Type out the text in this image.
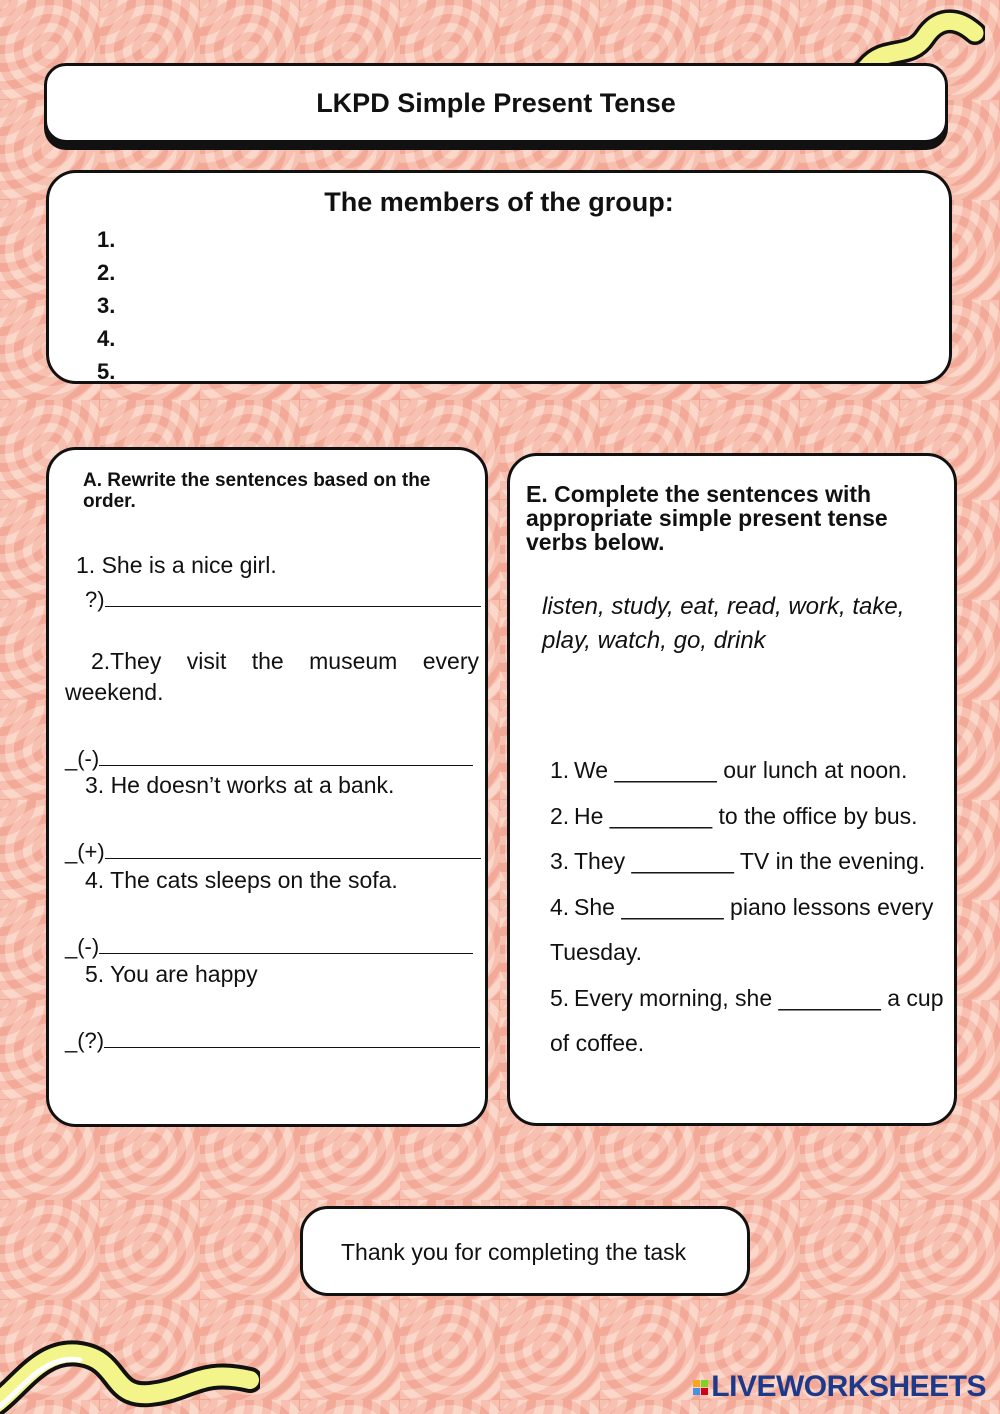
LKPD Simple Present Tense
The members of the group:
1.
2.
3.
4.
5.

A. Rewrite the sentences based on the order.

1. She is a nice girl.
?)
2.They visit the museum every
weekend.
_(-)
3. He doesn’t works at a bank.
_(+)
4. The cats sleeps on the sofa.
_(-)
5. You are happy
_(?)

E. Complete the sentences with appropriate simple present tense verbs below.

listen, study, eat, read, work, take, play, watch, go, drink
1. We ________ our lunch at noon.
2. He ________ to the office by bus.
3. They ________ TV in the evening.
4. She ________ piano lessons every
Tuesday.
5. Every morning, she ________ a cup
of coffee.
Thank you for completing the task
LIVEWORKSHEETS
